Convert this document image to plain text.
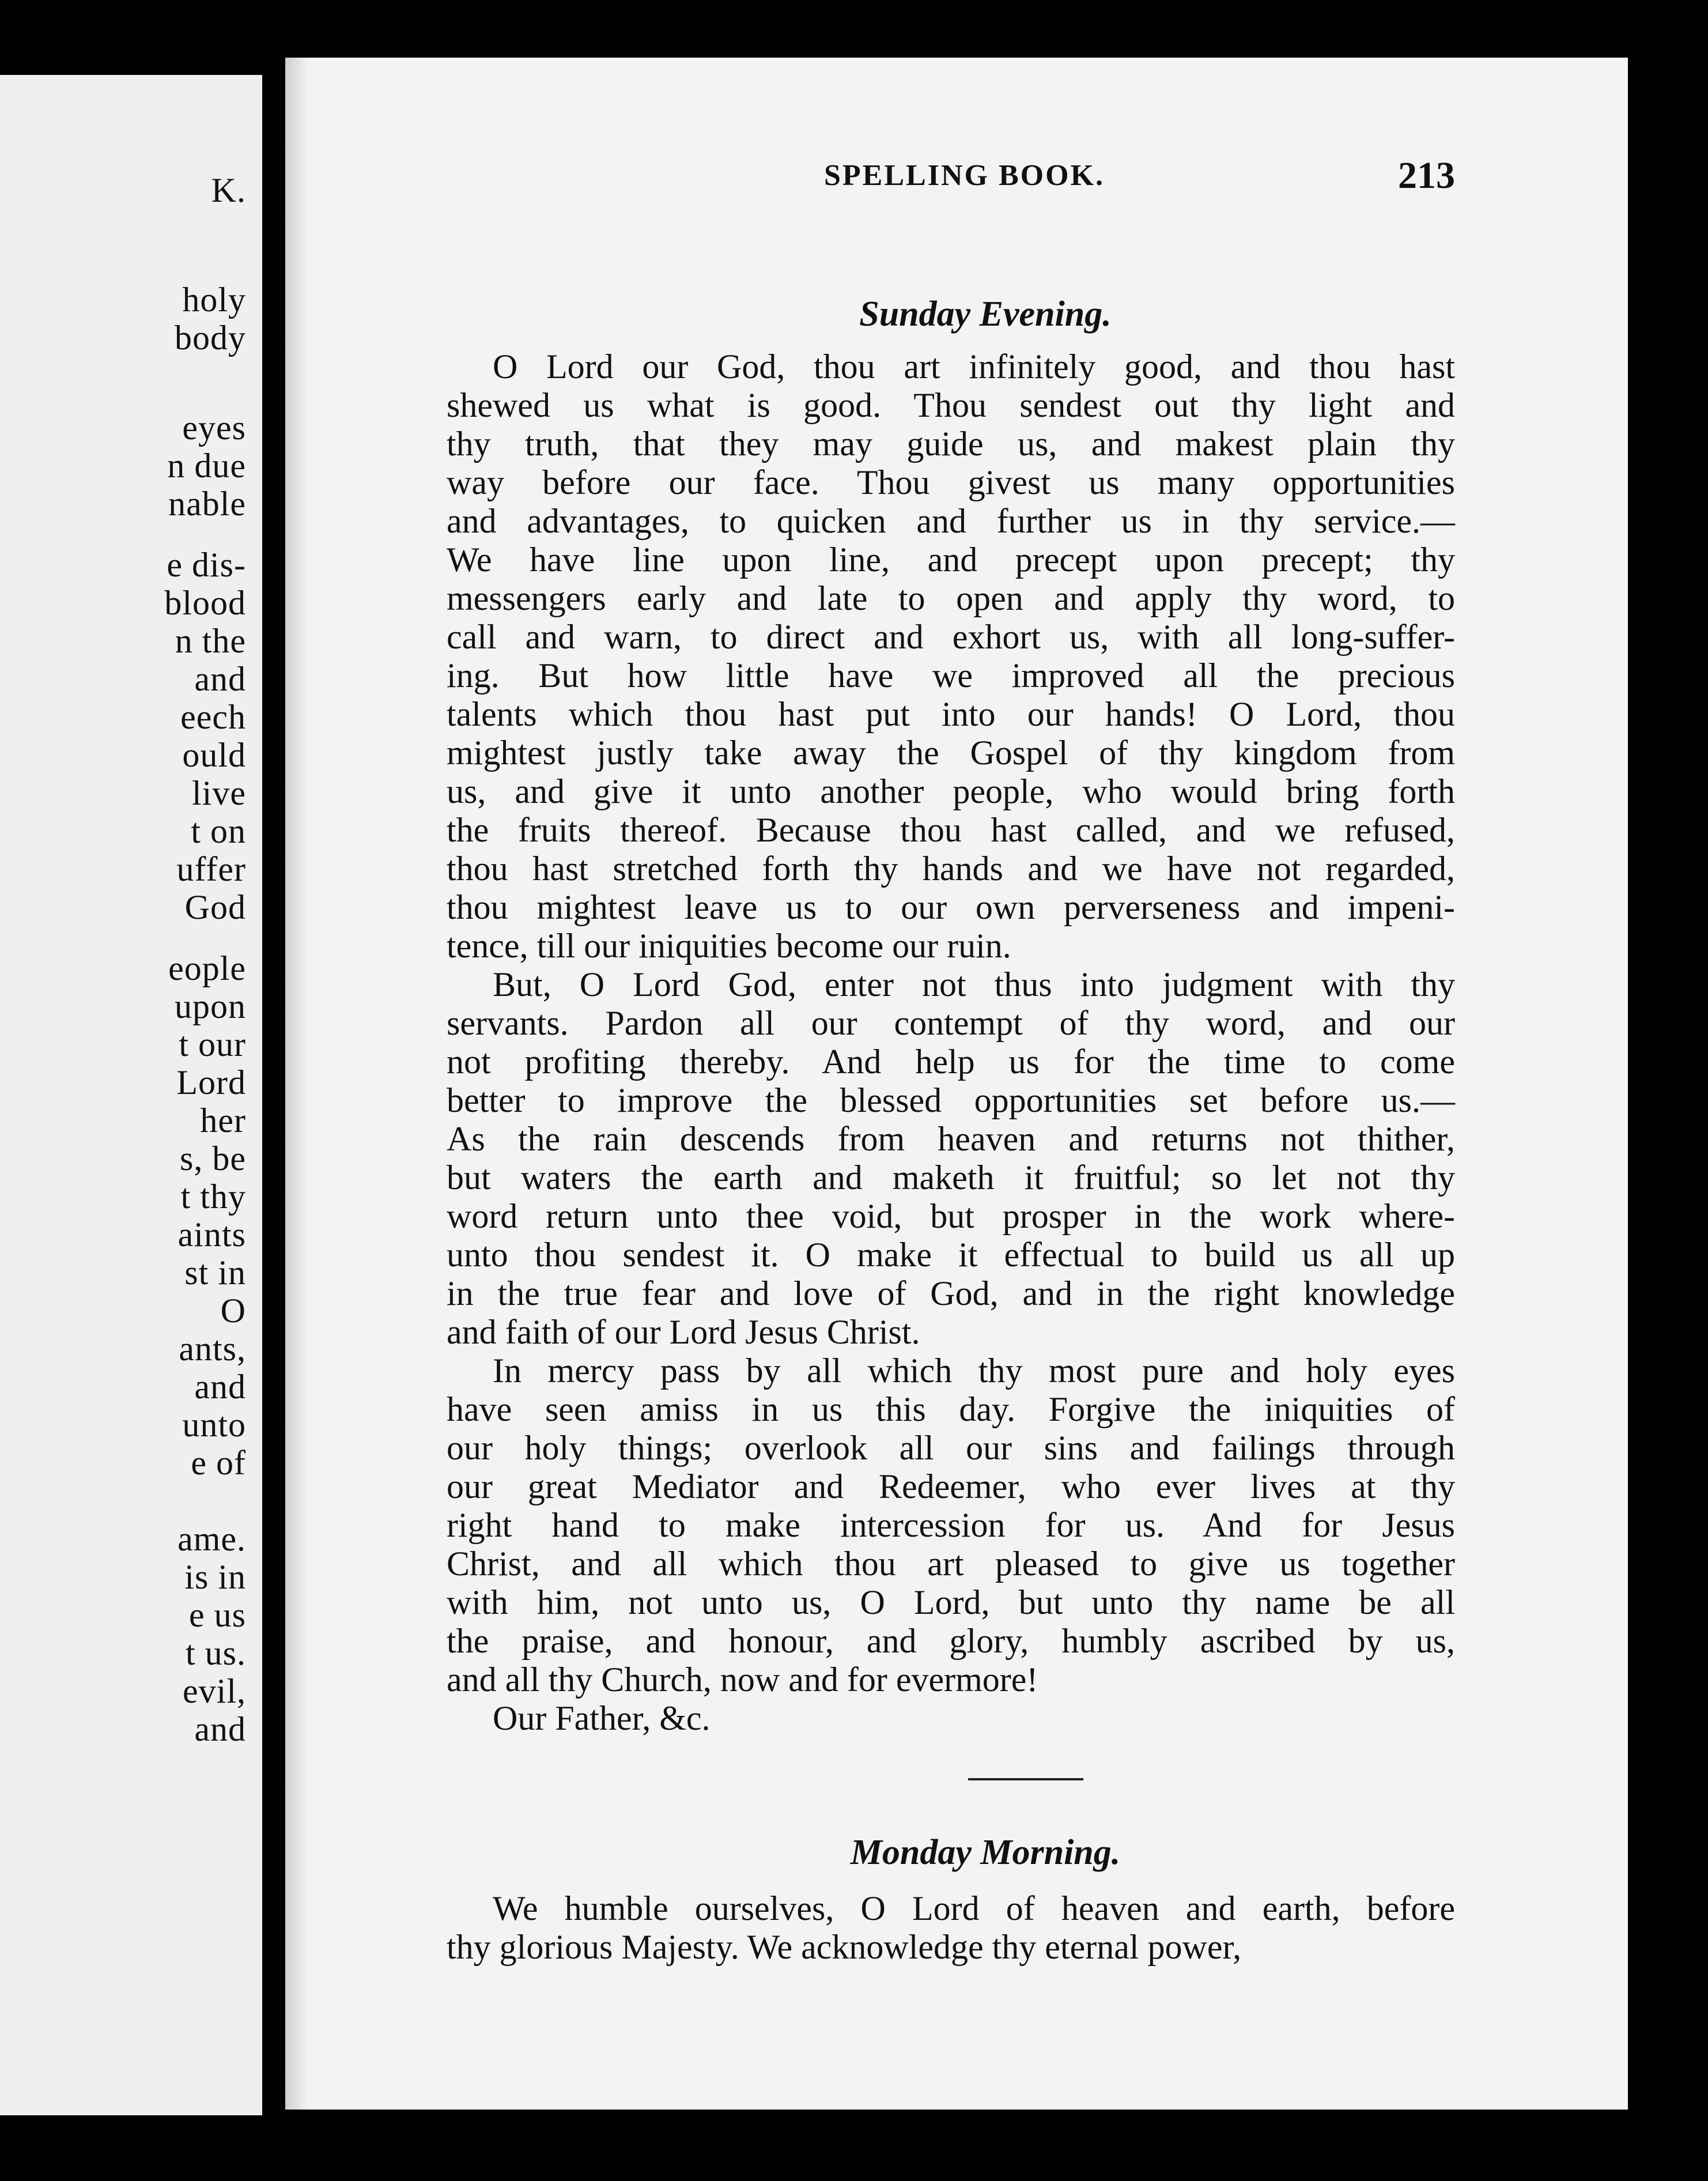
K.
holy
body
eyes
n due
nable
e dis-
blood
n the
and
eech
ould
live
t on
uffer
God
eople
upon
t our
Lord
her
s, be
t thy
aints
st in
O
ants,
and
unto
e of
ame.
is in
e us
t us.
evil,
and
SPELLING BOOK.	213
Sunday Evening.

O Lord our God, thou art infinitely good, and thou hast
shewed us what is good. Thou sendest out thy light and
thy truth, that they may guide us, and makest plain thy
way before our face. Thou givest us many opportunities
and advantages, to quicken and further us in thy service.—
We have line upon line, and precept upon precept; thy
messengers early and late to open and apply thy word, to
call and warn, to direct and exhort us, with all long-suffer-
ing. But how little have we improved all the precious
talents which thou hast put into our hands! O Lord, thou
mightest justly take away the Gospel of thy kingdom from
us, and give it unto another people, who would bring forth
the fruits thereof. Because thou hast called, and we refused,
thou hast stretched forth thy hands and we have not regarded,
thou mightest leave us to our own perverseness and impeni-
tence, till our iniquities become our ruin.

But, O Lord God, enter not thus into judgment with thy
servants. Pardon all our contempt of thy word, and our
not profiting thereby. And help us for the time to come
better to improve the blessed opportunities set before us.—
As the rain descends from heaven and returns not thither,
but waters the earth and maketh it fruitful; so let not thy
word return unto thee void, but prosper in the work where-
unto thou sendest it. O make it effectual to build us all up
in the true fear and love of God, and in the right knowledge
and faith of our Lord Jesus Christ.

In mercy pass by all which thy most pure and holy eyes
have seen amiss in us this day. Forgive the iniquities of
our holy things; overlook all our sins and failings through
our great Mediator and Redeemer, who ever lives at thy
right hand to make intercession for us. And for Jesus
Christ, and all which thou art pleased to give us together
with him, not unto us, O Lord, but unto thy name be all
the praise, and honour, and glory, humbly ascribed by us,
and all thy Church, now and for evermore!

Our Father, &c.

Monday Morning.

We humble ourselves, O Lord of heaven and earth, before
thy glorious Majesty. We acknowledge thy eternal power,
